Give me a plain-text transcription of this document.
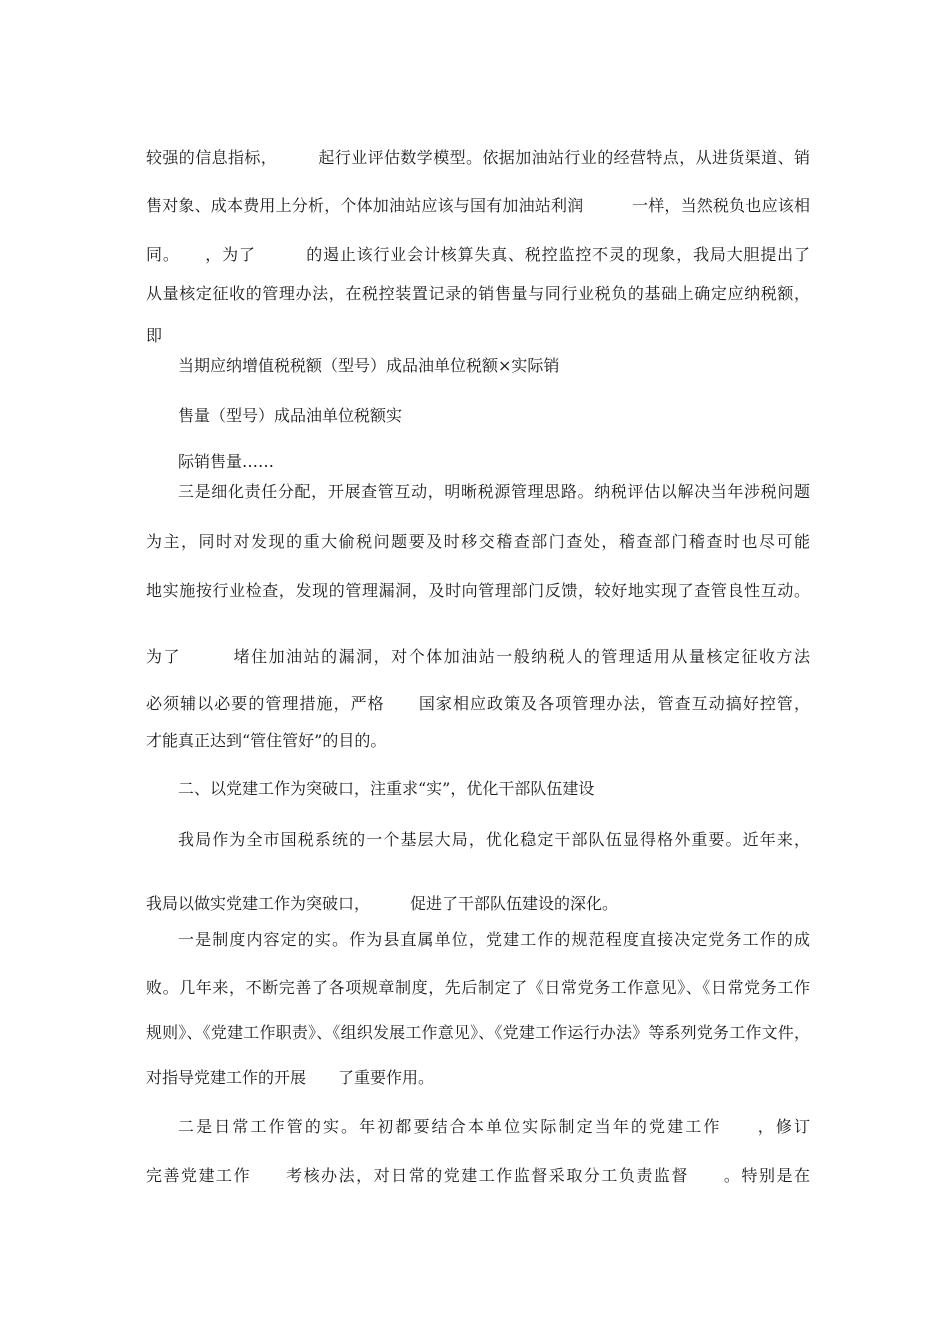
较强的信息指标，　　　起行业评估数学模型。依据加油站行业的经营特点，从进货渠道、销
售对象、成本费用上分析，个体加油站应该与国有加油站利润　　　一样，当然税负也应该相
同。　　，为了　　　的遏止该行业会计核算失真、税控监控不灵的现象，我局大胆提出了
从量核定征收的管理办法，在税控装置记录的销售量与同行业税负的基础上确定应纳税额，
即
当期应纳增值税税额（型号）成品油单位税额×实际销
售量（型号）成品油单位税额实
际销售量……
三是细化责任分配，开展查管互动，明晰税源管理思路。纳税评估以解决当年涉税问题
为主，同时对发现的重大偷税问题要及时移交稽查部门查处，稽查部门稽查时也尽可能
地实施按行业检查，发现的管理漏洞，及时向管理部门反馈，较好地实现了查管良性互动。
为了　　　堵住加油站的漏洞，对个体加油站一般纳税人的管理适用从量核定征收方法
必须辅以必要的管理措施，严格　　国家相应政策及各项管理办法，管查互动搞好控管，
才能真正达到“管住管好”的目的。
二、以党建工作为突破口，注重求“实”，优化干部队伍建设
我局作为全市国税系统的一个基层大局，优化稳定干部队伍显得格外重要。近年来，
我局以做实党建工作为突破口，　　　促进了干部队伍建设的深化。
一是制度内容定的实。作为县直属单位，党建工作的规范程度直接决定党务工作的成
败。几年来，不断完善了各项规章制度，先后制定了《日常党务工作意见》、《日常党务工作
规则》、《党建工作职责》、《组织发展工作意见》、《党建工作运行办法》等系列党务工作文件，
对指导党建工作的开展　　了重要作用。
二是日常工作管的实。年初都要结合本单位实际制定当年的党建工作　　，修订
完善党建工作　　考核办法，对日常的党建工作监督采取分工负责监督　　。特别是在
